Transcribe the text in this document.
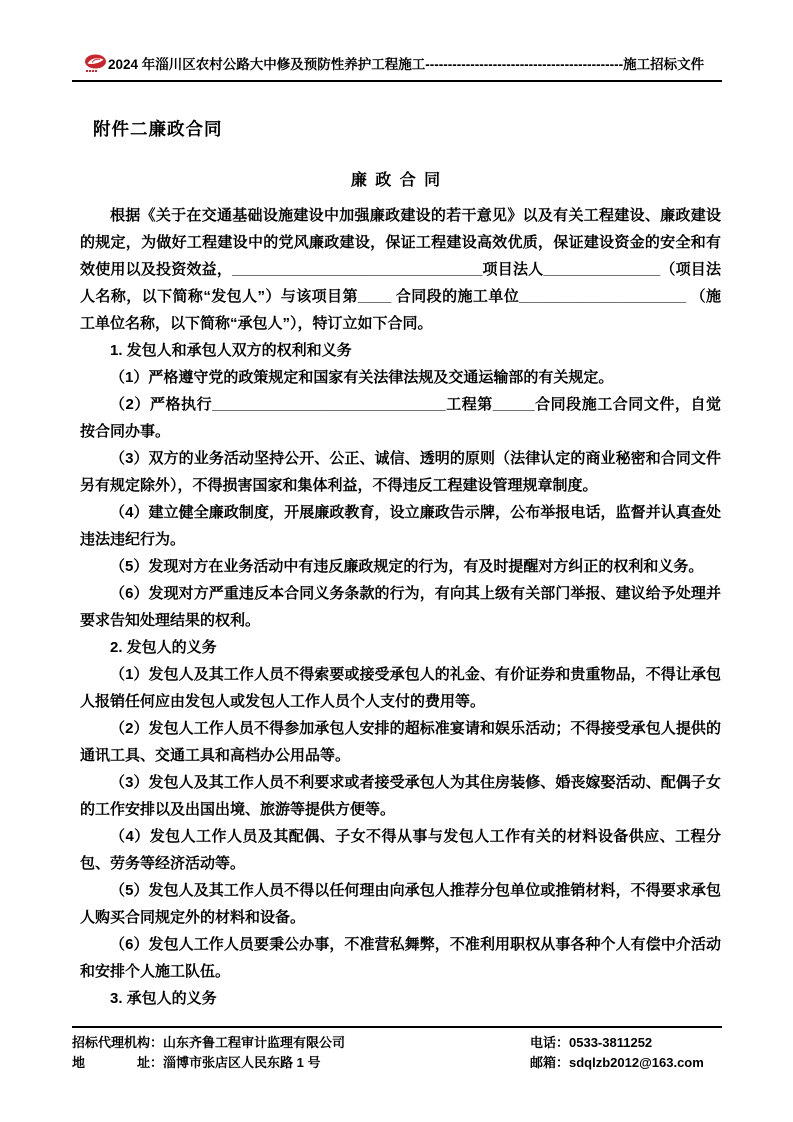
2024 年淄川区农村公路大中修及预防性养护工程施工--------------------------------------------施工招标文件
附件二廉政合同
廉 政 合 同

根据《关于在交通基础设施建设中加强廉政建设的若干意见》以及有关工程建设、廉政建设的规定，为做好工程建设中的党风廉政建设，保证工程建设高效优质，保证建设资金的安全和有效使用以及投资效益，______________________________项目法人______________（项目法人名称，以下简称“发包人”）与该项目第____ 合同段的施工单位____________________ （施工单位名称，以下简称“承包人”），特订立如下合同。

1. 发包人和承包人双方的权利和义务

（1）严格遵守党的政策规定和国家有关法律法规及交通运输部的有关规定。

（2）严格执行____________________________工程第_____合同段施工合同文件，自觉按合同办事。

（3）双方的业务活动坚持公开、公正、诚信、透明的原则（法律认定的商业秘密和合同文件另有规定除外），不得损害国家和集体利益，不得违反工程建设管理规章制度。

（4）建立健全廉政制度，开展廉政教育，设立廉政告示牌，公布举报电话，监督并认真查处违法违纪行为。

（5）发现对方在业务活动中有违反廉政规定的行为，有及时提醒对方纠正的权利和义务。

（6）发现对方严重违反本合同义务条款的行为，有向其上级有关部门举报、建议给予处理并要求告知处理结果的权利。

2. 发包人的义务

（1）发包人及其工作人员不得索要或接受承包人的礼金、有价证券和贵重物品，不得让承包人报销任何应由发包人或发包人工作人员个人支付的费用等。

（2）发包人工作人员不得参加承包人安排的超标准宴请和娱乐活动；不得接受承包人提供的通讯工具、交通工具和高档办公用品等。

（3）发包人及其工作人员不利要求或者接受承包人为其住房装修、婚丧嫁娶活动、配偶子女的工作安排以及出国出境、旅游等提供方便等。

（4）发包人工作人员及其配偶、子女不得从事与发包人工作有关的材料设备供应、工程分包、劳务等经济活动等。

（5）发包人及其工作人员不得以任何理由向承包人推荐分包单位或推销材料，不得要求承包人购买合同规定外的材料和设备。

（6）发包人工作人员要秉公办事，不准营私舞弊，不准利用职权从事各种个人有偿中介活动和安排个人施工队伍。

3. 承包人的义务

招标代理机构：山东齐鲁工程审计监理有限公司	电话：0533-3811252
地　　　　址：淄博市张店区人民东路 1 号	邮箱：sdqlzb2012@163.com
